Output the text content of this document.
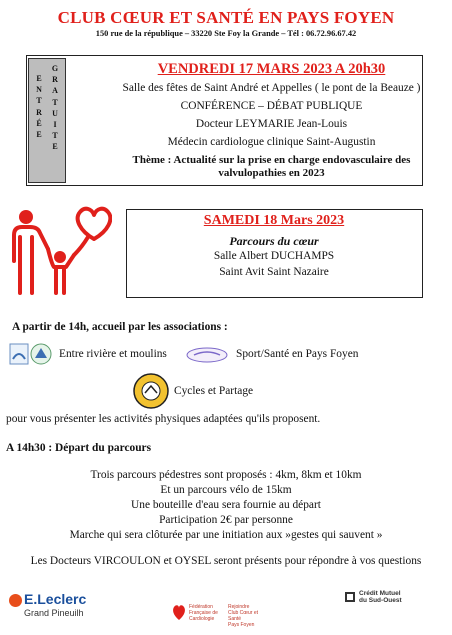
CLUB CŒUR ET SANTÉ EN PAYS FOYEN
150 rue de la république – 33220 Ste Foy la Grande – Tél : 06.72.96.67.42
VENDREDI 17 MARS 2023 A 20h30
Salle des fêtes de Saint André et Appelles ( le pont de la Beauze )
CONFÉRENCE – DÉBAT PUBLIQUE
Docteur LEYMARIE Jean-Louis
Médecin cardiologue clinique Saint-Augustin
Thème : Actualité sur la prise en charge endovasculaire des
valvulopathies en 2023
E
N
T
R
É
E
G
R
A
T
U
I
T
E
SAMEDI 18 Mars 2023
Parcours du cœur
Salle Albert DUCHAMPS
Saint Avit Saint Nazaire
A partir de 14h, accueil par les associations :
Entre rivière et moulins	Sport/Santé en Pays Foyen
Cycles et Partage
pour vous présenter les activités physiques adaptées qu'ils proposent.
A 14h30 : Départ du parcours
Trois parcours pédestres sont proposés : 4km, 8km et 10km
Et un parcours vélo de 15km
Une bouteille d'eau sera fournie au départ
Participation 2€ par personne
Marche qui sera clôturée par une initiation aux »gestes qui sauvent »
Les Docteurs VIRCOULON et OYSEL seront présents pour répondre à vos questions
E.Leclerc
Grand Pineuilh
Fédération
Française de
Cardiologie
Rejoindre
Club Cœur et Santé
Pays Foyen
Crédit Mutuel
du Sud-Ouest
